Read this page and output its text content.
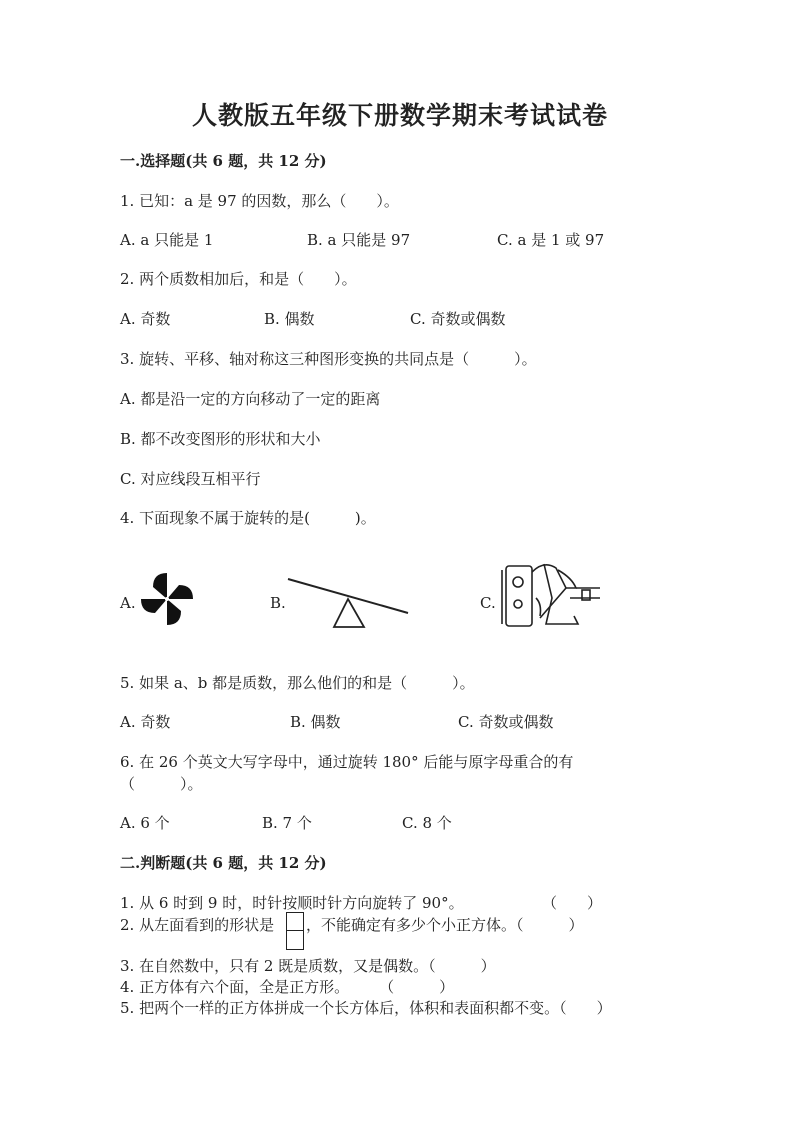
人教版五年级下册数学期末考试试卷
一.选择题(共 6 题，共 12 分)
1. 已知：a 是 97 的因数，那么（　　）。
A. a 只能是 1	B. a 只能是 97	C. a 是 1 或 97
2. 两个质数相加后，和是（　　）。
A. 奇数	B. 偶数	C. 奇数或偶数
3. 旋转、平移、轴对称这三种图形变换的共同点是（　　　）。
A. 都是沿一定的方向移动了一定的距离
B. 都不改变图形的形状和大小
C. 对应线段互相平行
4. 下面现象不属于旋转的是(　　　)。
A.	B.	C.
5. 如果 a、b 都是质数，那么他们的和是（　　　）。
A. 奇数	B. 偶数	C. 奇数或偶数
6. 在 26 个英文大写字母中，通过旋转 180° 后能与原字母重合的有
（　　　）。
A. 6 个	B. 7 个	C. 8 个
二.判断题(共 6 题，共 12 分)
1. 从 6 时到 9 时，时针按顺时针方向旋转了 90°。	（　　）
2. 从左面看到的形状是 ，不能确定有多少个小正方体。（　　　）
3. 在自然数中，只有 2 既是质数，又是偶数。（　　　）
4. 正方体有六个面，全是正方形。　　　（　　　）
5. 把两个一样的正方体拼成一个长方体后，体积和表面积都不变。（　　）
